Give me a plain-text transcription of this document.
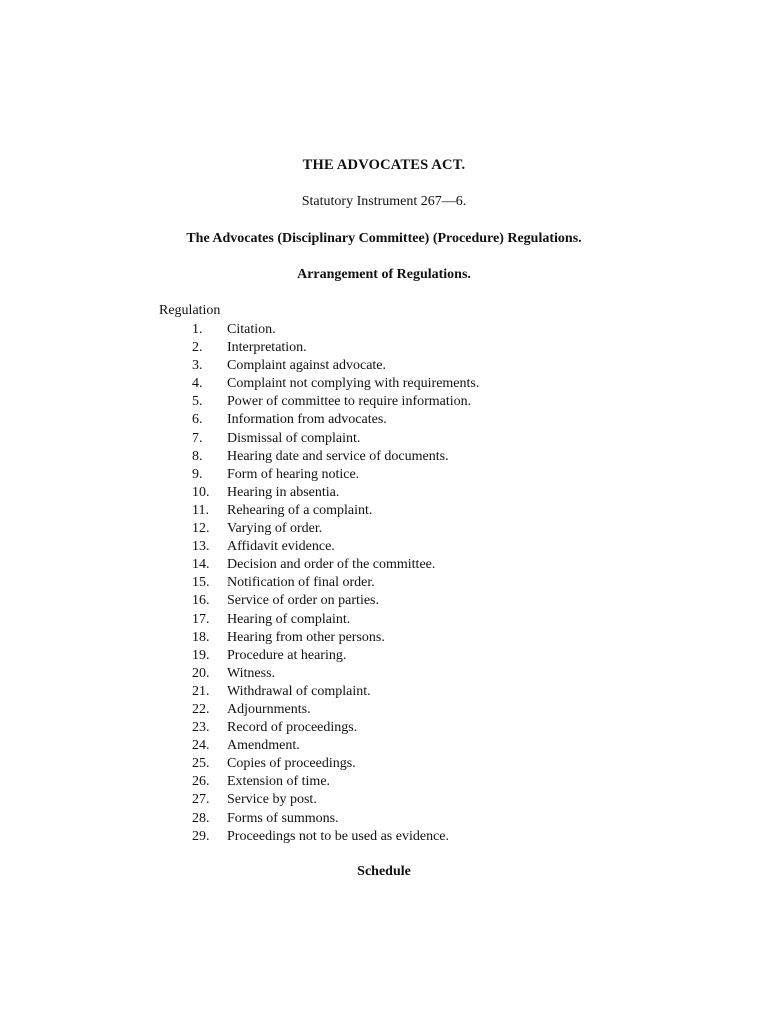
THE ADVOCATES ACT.
Statutory Instrument 267—6.
The Advocates (Disciplinary Committee) (Procedure) Regulations.
Arrangement of Regulations.
Regulation
1. Citation.
2. Interpretation.
3. Complaint against advocate.
4. Complaint not complying with requirements.
5. Power of committee to require information.
6. Information from advocates.
7. Dismissal of complaint.
8. Hearing date and service of documents.
9. Form of hearing notice.
10. Hearing in absentia.
11. Rehearing of a complaint.
12. Varying of order.
13. Affidavit evidence.
14. Decision and order of the committee.
15. Notification of final order.
16. Service of order on parties.
17. Hearing of complaint.
18. Hearing from other persons.
19. Procedure at hearing.
20. Witness.
21. Withdrawal of complaint.
22. Adjournments.
23. Record of proceedings.
24. Amendment.
25. Copies of proceedings.
26. Extension of time.
27. Service by post.
28. Forms of summons.
29. Proceedings not to be used as evidence.
Schedule
